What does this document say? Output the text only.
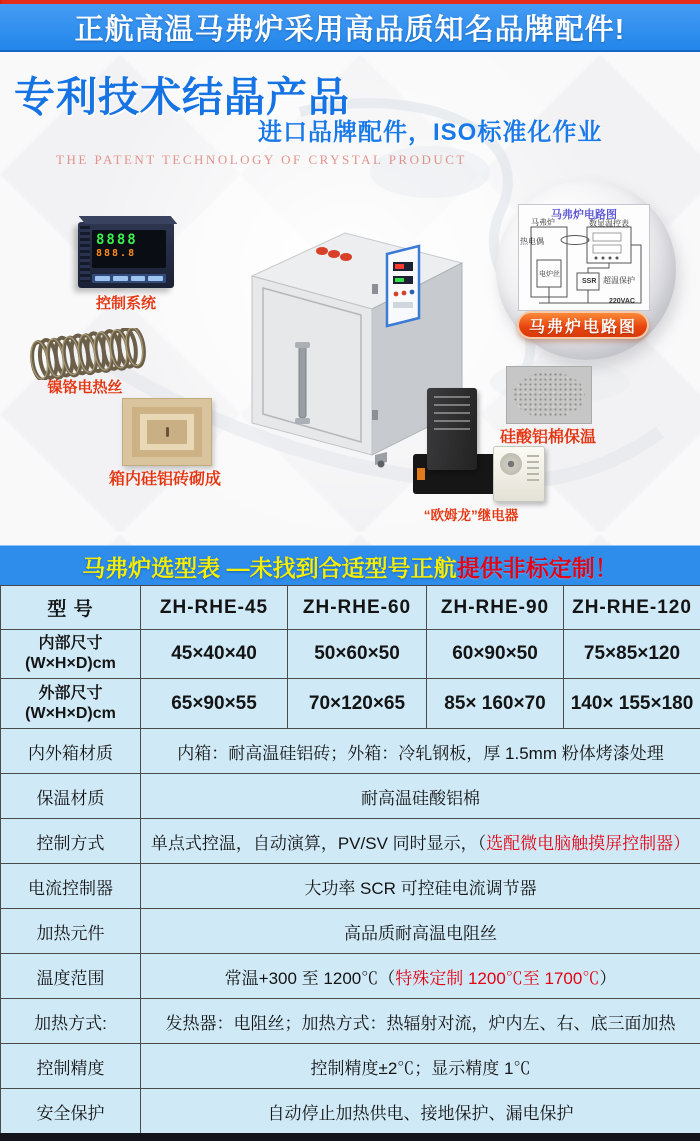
正航高温马弗炉采用高品质知名品牌配件!
专利技术结晶产品
进口品牌配件，ISO标准化作业
THE PATENT TECHNOLOGY OF CRYSTAL PRODUCT
8888
888.8
控制系统
镍铬电热丝
箱内硅铝砖砌成
马弗炉电路图
马弗炉
热电偶
电炉丝
数显温控表
SSR 超温保护
220VAC
马弗炉电路图
硅酸铝棉保温
“欧姆龙”继电器
马弗炉选型表 —未找到合适型号正航 提供非标定制！
型 号	ZH-RHE-45	ZH-RHE-60	ZH-RHE-90	ZH-RHE-120

内部尺寸
(W×H×D)cm	45×40×40	50×60×50	60×90×50	75×85×120

外部尺寸
(W×H×D)cm	65×90×55	70×120×65	85× 160×70	140× 155×180
内外箱材质	内箱：耐高温硅铝砖；外箱：冷轧钢板，厚 1.5mm 粉体烤漆处理			
保温材质	耐高温硅酸铝棉			
控制方式	单点式控温，自动演算，PV/SV 同时显示，（选配微电脑触摸屏控制器）			
电流控制器	大功率 SCR 可控硅电流调节器			
加热元件	高品质耐高温电阻丝			
温度范围	常温+300 至 1200℃（特殊定制 1200℃至 1700℃）			
加热方式:	发热器：电阻丝；加热方式：热辐射对流，炉内左、右、底三面加热			
控制精度	控制精度±2℃；显示精度 1℃			
安全保护	自动停止加热供电、接地保护、漏电保护			
